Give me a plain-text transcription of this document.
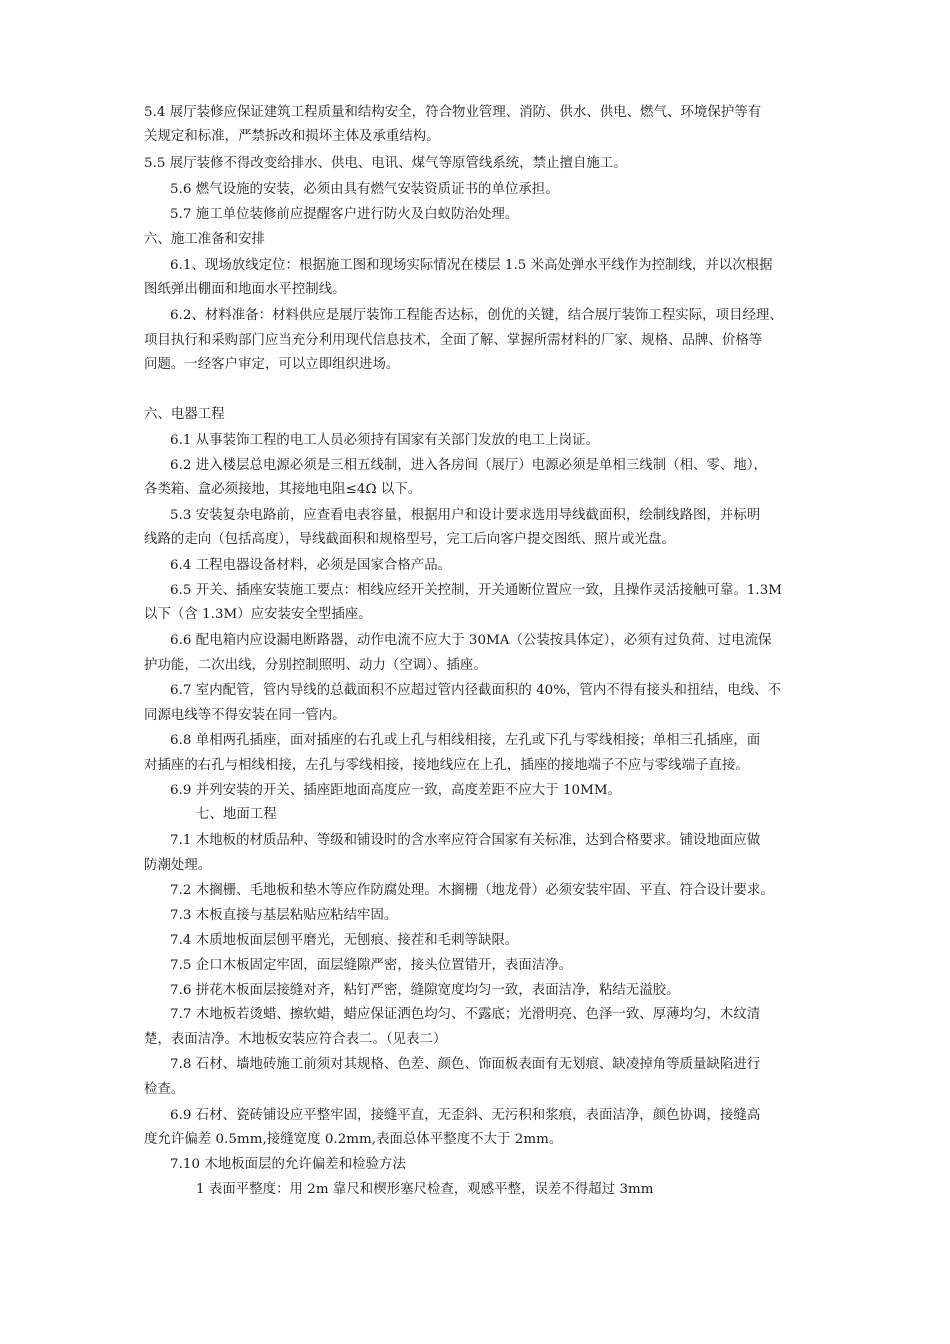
5.4 展厅装修应保证建筑工程质量和结构安全，符合物业管理、消防、供水、供电、燃气、环境保护等有
关规定和标准，严禁拆改和损坏主体及承重结构。
5.5 展厅装修不得改变给排水、供电、电讯、煤气等原管线系统，禁止擅自施工。
5.6 燃气设施的安装，必须由具有燃气安装资质证书的单位承担。
5.7 施工单位装修前应提醒客户进行防火及白蚁防治处理。
六、施工准备和安排
6.1、现场放线定位：根据施工图和现场实际情况在楼层 1.5 米高处弹水平线作为控制线，并以次根据
图纸弹出棚面和地面水平控制线。
6.2、材料准备：材料供应是展厅装饰工程能否达标，创优的关键，结合展厅装饰工程实际，项目经理、
项目执行和采购部门应当充分利用现代信息技术，全面了解、掌握所需材料的厂家、规格、品牌、价格等
问题。一经客户审定，可以立即组织进场。
六、电器工程
6.1 从事装饰工程的电工人员必须持有国家有关部门发放的电工上岗证。
6.2 进入楼层总电源必须是三相五线制，进入各房间（展厅）电源必须是单相三线制（相、零、地），
各类箱、盒必须接地，其接地电阻≤4Ω 以下。
5.3 安装复杂电路前，应查看电表容量，根据用户和设计要求选用导线截面积，绘制线路图，并标明
线路的走向（包括高度），导线截面积和规格型号，完工后向客户提交图纸、照片或光盘。
6.4 工程电器设备材料，必须是国家合格产品。
6.5 开关、插座安装施工要点：相线应经开关控制，开关通断位置应一致，且操作灵活接触可靠。1.3M
以下（含 1.3M）应安装安全型插座。
6.6 配电箱内应设漏电断路器，动作电流不应大于 30MA（公装按具体定），必须有过负荷、过电流保
护功能，二次出线，分别控制照明、动力（空调）、插座。
6.7 室内配管，管内导线的总截面积不应超过管内径截面积的 40%，管内不得有接头和扭结，电线、不
同源电线等不得安装在同一管内。
6.8 单相两孔插座，面对插座的右孔或上孔与相线相接，左孔或下孔与零线相接；单相三孔插座，面
对插座的右孔与相线相接，左孔与零线相接，接地线应在上孔，插座的接地端子不应与零线端子直接。
6.9 并列安装的开关、插座距地面高度应一致，高度差距不应大于 10MM。
七、地面工程
7.1 木地板的材质品种、等级和铺设时的含水率应符合国家有关标准，达到合格要求。铺设地面应做
防潮处理。
7.2 木搁栅、毛地板和垫木等应作防腐处理。木搁栅（地龙骨）必须安装牢固、平直、符合设计要求。
7.3 木板直接与基层粘贴应粘结牢固。
7.4 木质地板面层刨平磨光，无刨痕、接茬和毛刺等缺限。
7.5 企口木板固定牢固，面层缝隙严密，接头位置错开，表面洁净。
7.6 拼花木板面层接缝对齐，粘钉严密，缝隙宽度均匀一致，表面洁净，粘结无溢胶。
7.7 木地板若烫蜡、擦软蜡，蜡应保证洒色均匀、不露底；光滑明亮、色泽一致、厚薄均匀，木纹清
楚，表面洁净。木地板安装应符合表二。（见表二）
7.8 石材、墙地砖施工前须对其规格、色差、颜色、饰面板表面有无划痕、缺凌掉角等质量缺陷进行
检查。
6.9 石材、瓷砖铺设应平整牢固，接缝平直，无歪斜、无污积和浆痕，表面洁净，颜色协调，接缝高
度允许偏差 0.5mm,接缝宽度 0.2mm,表面总体平整度不大于 2mm。
7.10 木地板面层的允许偏差和检验方法
1 表面平整度：用 2m 靠尺和楔形塞尺检查，观感平整，误差不得超过 3mm
